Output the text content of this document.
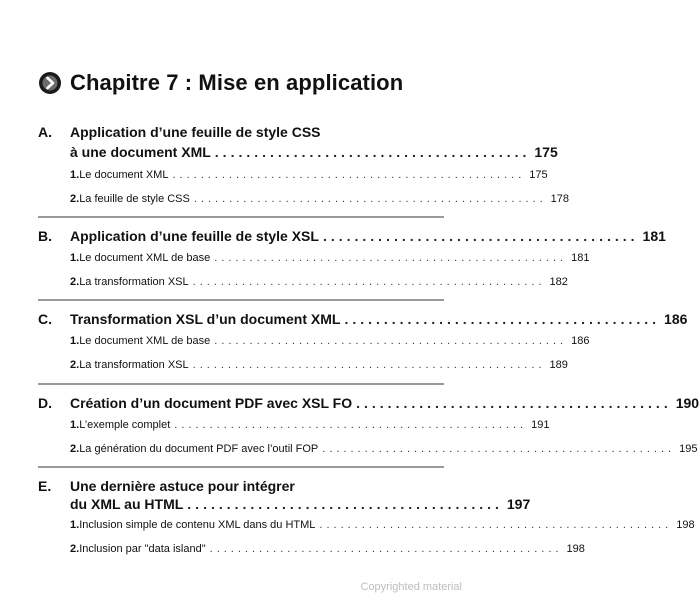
Chapitre 7 : Mise en application
A. Application d’une feuille de style CSS
à une document XML ........................................ 175
1. Le document XML .................................................. 175
2. La feuille de style CSS .................................................. 178
B. Application d’une feuille de style XSL ........................................ 181
1. Le document XML de base .................................................. 181
2. La transformation XSL .................................................. 182
C. Transformation XSL d’un document XML ........................................ 186
1. Le document XML de base .................................................. 186
2. La transformation XSL .................................................. 189
D. Création d’un document PDF avec XSL FO ........................................ 190
1. L’exemple complet .................................................. 191
2. La génération du document PDF avec l’outil FOP .................................................. 195
E. Une dernière astuce pour intégrer
du XML au HTML ........................................ 197
1. Inclusion simple de contenu XML dans du HTML .................................................. 198
2. Inclusion par "data island" .................................................. 198
Copyrighted material
